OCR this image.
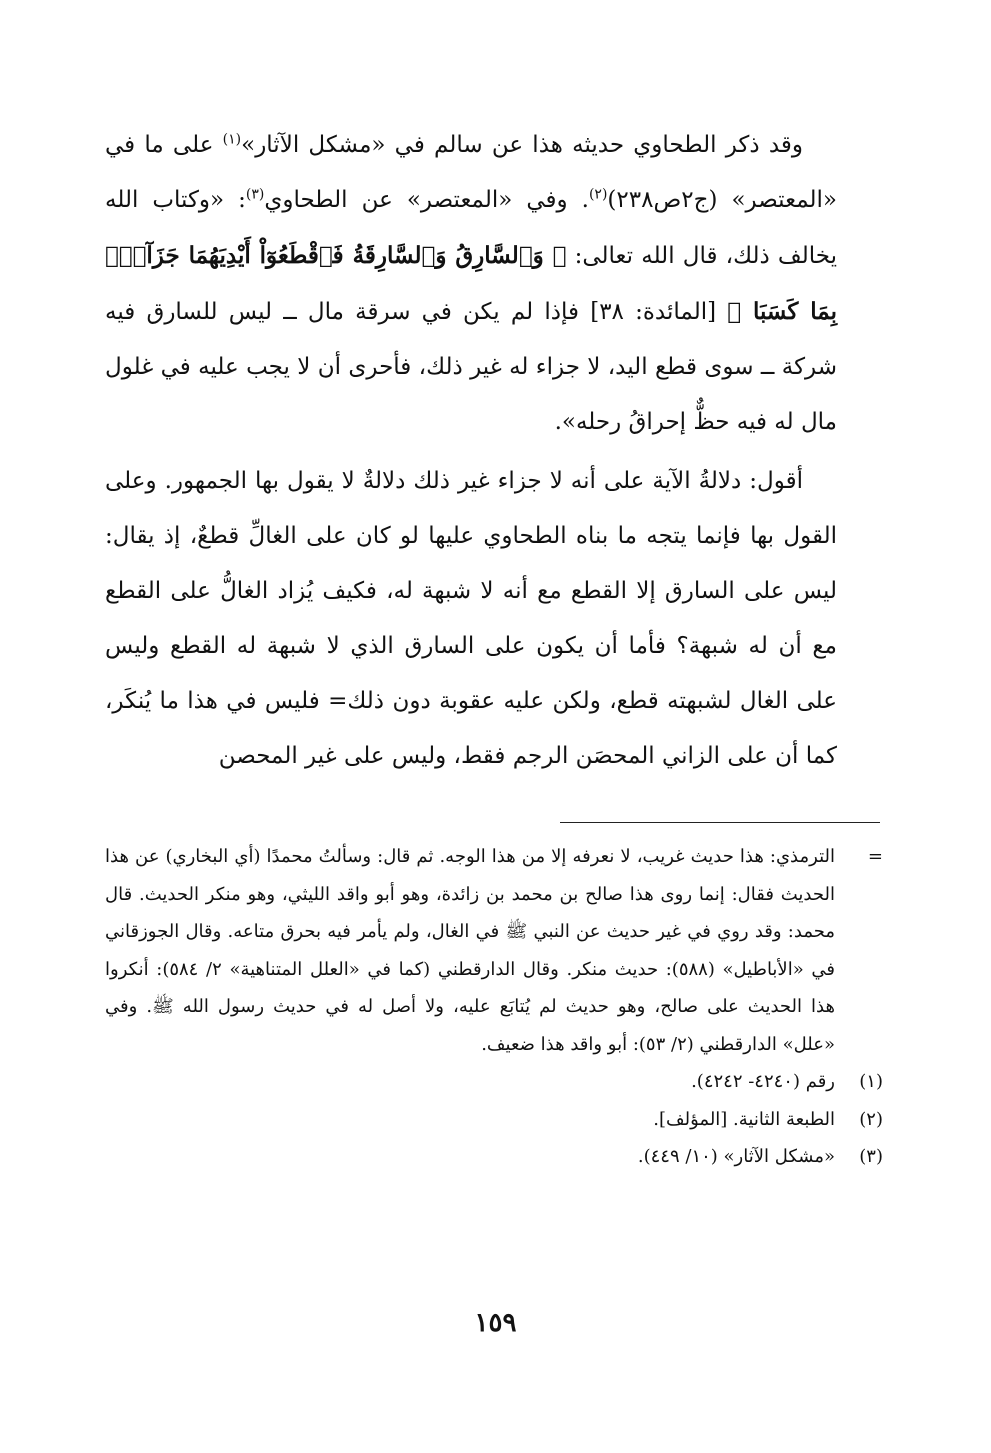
وقد ذكر الطحاوي حديثه هذا عن سالم في «مشكل الآثار»$^{(١)}$ على ما في «المعتصر» (ج٢ص٢٣٨)$^{(٢)}$. وفي «المعتصر» عن الطحاوي$^{(٣)}$: «وكتاب الله يخالف ذلك، قال الله تعالى: ﴿ وَٱلسَّارِقُ وَٱلسَّارِقَةُ فَٱقْطَعُوٓاْ أَيْدِيَهُمَا جَزَآءَۢ بِمَا كَسَبَا ﴾ [المائدة: ٣٨] فإذا لم يكن في سرقة مال ــ ليس للسارق فيه شركة ــ سوى قطع اليد، لا جزاء له غير ذلك، فأحرى أن لا يجب عليه في غلول مال له فيه حظٌّ إحراقُ رحله».

أقول: دلالةُ الآية على أنه لا جزاء غير ذلك دلالةٌ لا يقول بها الجمهور. وعلى القول بها فإنما يتجه ما بناه الطحاوي عليها لو كان على الغالِّ قطعٌ، إذ يقال: ليس على السارق إلا القطع مع أنه لا شبهة له، فكيف يُزاد الغالُّ على القطع مع أن له شبهة؟ فأما أن يكون على السارق الذي لا شبهة له القطع وليس على الغال لشبهته قطع، ولكن عليه عقوبة دون ذلك= فليس في هذا ما يُنكَر، كما أن على الزاني المحصَن الرجم فقط، وليس على غير المحصن

=
الترمذي: هذا حديث غريب، لا نعرفه إلا من هذا الوجه. ثم قال: وسألتُ محمدًا (أي البخاري) عن هذا الحديث فقال: إنما روى هذا صالح بن محمد بن زائدة، وهو أبو واقد الليثي، وهو منكر الحديث. قال محمد: وقد روي في غير حديث عن النبي ﷺ في الغال، ولم يأمر فيه بحرق متاعه. وقال الجوزقاني في «الأباطيل» (٥٨٨): حديث منكر. وقال الدارقطني (كما في «العلل المتناهية» ٢/ ٥٨٤): أنكروا هذا الحديث على صالح، وهو حديث لم يُتابَع عليه، ولا أصل له في حديث رسول الله ﷺ. وفي «علل» الدارقطني (٢/ ٥٣): أبو واقد هذا ضعيف.
(١)
رقم (٤٢٤٠- ٤٢٤٢).
(٢)
الطبعة الثانية. [المؤلف].
(٣)
«مشكل الآثار» (١٠/ ٤٤٩).
١٥٩
